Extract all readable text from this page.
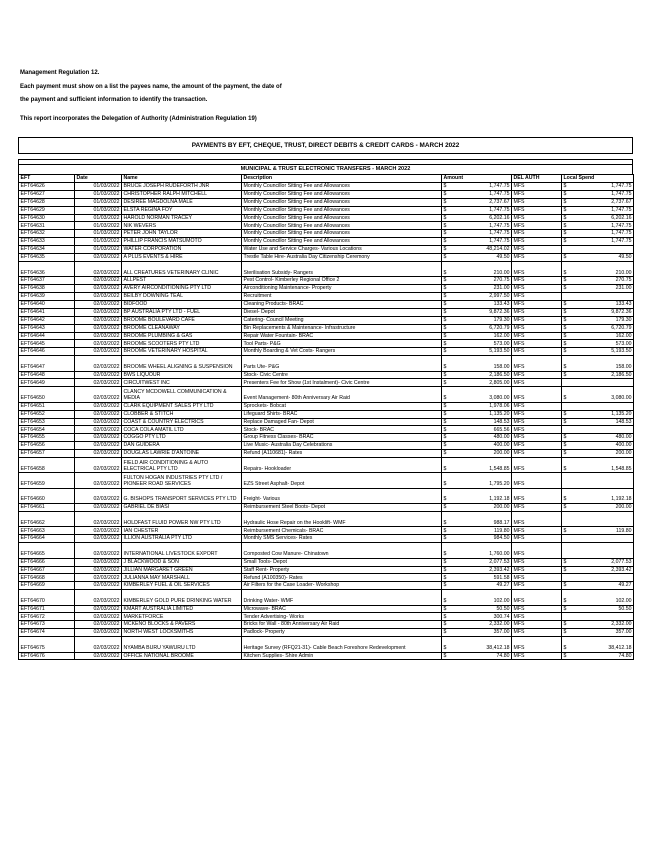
Management Regulation 12.
Each payment must show on a list the payees name, the amount of the payment, the date of
the payment and sufficient information to identify the transaction.
This report incorporates the Delegation of Authority (Administration Regulation 19)
PAYMENTS BY EFT, CHEQUE, TRUST, DIRECT DEBITS & CREDIT CARDS - MARCH 2022
MUNICIPAL & TRUST ELECTRONIC TRANSFERS - MARCH 2022
EFT	Date	Name	Description	Amount		DEL AUTH	Local Spend	
EFT64626	01/03/2022	BRUCE JOSEPH RUDEFORTH JNR	Monthly Councillor Sitting Fee and Allowances	$	1,747.75	MFS	$	1,747.75
EFT64627	01/03/2022	CHRISTOPHER RALPH MITCHELL	Monthly Councillor Sitting Fee and Allowances	$	1,747.75	MFS	$	1,747.75
EFT64628	01/03/2022	DESIREE MAGDOLNA MALE	Monthly Councillor Sitting Fee and Allowances	$	2,737.67	MFS	$	2,737.67
EFT64629	01/03/2022	ELSTA REGINA FOY	Monthly Councillor Sitting Fee and Allowances	$	1,747.75	MFS	$	1,747.75
EFT64630	01/03/2022	HAROLD NORMAN TRACEY	Monthly Councillor Sitting Fee and Allowances	$	6,202.16	MFS	$	6,202.16
EFT64631	01/03/2022	NIK WEVERS	Monthly Councillor Sitting Fee and Allowances	$	1,747.75	MFS	$	1,747.75
EFT64632	01/03/2022	PETER JOHN TAYLOR	Monthly Councillor Sitting Fee and Allowances	$	1,747.75	MFS	$	1,747.75
EFT64633	01/03/2022	PHILLIP FRANCIS MATSUMOTO	Monthly Councillor Sitting Fee and Allowances	$	1,747.75	MFS	$	1,747.75
EFT64634	01/03/2022	WATER CORPORATION	Water Use and Service Charges- Various Locations	$	48,214.02	MFS		
EFT64635	02/03/2022	A PLUS EVENTS & HIRE	Trestle Table Hire- Australia Day Citizenship Ceremony	$	49.50	MFS	$	49.50
EFT64636	02/03/2022	ALL CREATURES VETERINARY CLINIC	Sterilisation Subsidy- Rangers	$	210.00	MFS	$	210.00
EFT64637	02/03/2022	ALLPEST	Pest Control- Kimberley Regional Office 2	$	270.75	MFS	$	270.75
EFT64638	02/03/2022	AVERY AIRCONDITIONING PTY LTD	Airconditioning Maintenance- Property	$	231.00	MFS	$	231.00
EFT64639	02/03/2022	BEILBY DOWNING TEAL	Recruitment	$	2,997.50	MFS		
EFT64640	02/03/2022	BIDFOOD	Cleaning Products- BRAC	$	133.43	MFS	$	133.43
EFT64641	02/03/2022	BP AUSTRALIA PTY LTD - FUEL	Diesel- Depot	$	9,872.36	MFS	$	9,872.36
EFT64642	02/03/2022	BROOME BOULEVARD CAFE	Catering- Council Meeting	$	179.30	MFS	$	179.30
EFT64643	02/03/2022	BROOME CLEANAWAY	Bin Replacements & Maintenance- Infrastructure	$	6,720.79	MFS	$	6,720.79
EFT64644	02/03/2022	BROOME PLUMBING & GAS	Repair Water Fountain- BRAC	$	162.00	MFS	$	162.00
EFT64645	02/03/2022	BROOME SCOOTERS PTY LTD	Tool Parts- P&G	$	573.00	MFS	$	573.00
EFT64646	02/03/2022	BROOME VETERINARY HOSPITAL	Monthly Boarding & Vet Costs- Rangers	$	5,193.50	MFS	$	5,193.50
EFT64647	02/03/2022	BROOME WHEEL ALIGNING & SUSPENSION	Parts Ute- P&G	$	158.00	MFS	$	158.00
EFT64648	02/03/2022	BWS LIQUOUR	Stock- Civic Centre	$	2,186.50	MFS	$	2,186.50
EFT64649	02/03/2022	CIRCUITWEST INC	Presenters Fee for Show (1st Instalment)- Civic Centre	$	2,805.00	MFS		
EFT64650	02/03/2022	CLANCY MCDOWELL COMMUNICATION & MEDIA	Event Management- 80th Anniversary Air Raid	$	3,080.00	MFS	$	3,080.00
EFT64651	02/03/2022	CLARK EQUIPMENT SALES PTY LTD	Sprockets- Bobcat	$	1,978.06	MFS		
EFT64652	02/03/2022	CLOBBER & STITCH	Lifeguard Shirts- BRAC	$	1,135.20	MFS	$	1,135.20
EFT64653	02/03/2022	COAST & COUNTRY ELECTRICS	Replace Damaged Fan- Depot	$	148.53	MFS	$	148.53
EFT64654	02/03/2022	COCA COLA AMATIL LTD	Stock- BRAC	$	665.56	MFS		
EFT64655	02/03/2022	COGGO PTY LTD	Group Fitness Classes- BRAC	$	480.00	MFS	$	480.00
EFT64656	02/03/2022	DAN GUIDERA	Live Music- Australia Day Celebrations	$	400.00	MFS	$	400.00
EFT64657	02/03/2022	DOUGLAS LAWRIE D'ANTOINE	Refund (A110681)- Rates	$	200.00	MFS	$	200.00
EFT64658	02/03/2022	FIELD AIR CONDITIONING & AUTO ELECTRICAL PTY LTD	Repairs- Hookloader	$	1,548.85	MFS	$	1,548.85
EFT64659	02/03/2022	FULTON HOGAN INDUSTRIES PTY LTD / PIONEER ROAD SERVICES	EZS Street Asphalt- Depot	$	1,795.20	MFS		
EFT64660	02/03/2022	G. BISHOPS TRANSPORT SERVICES PTY LTD	Freight- Various	$	1,192.18	MFS	$	1,192.18
EFT64661	02/03/2022	GABRIEL DE BIASI	Reimbursement Steel Boots- Depot	$	200.00	MFS	$	200.00
EFT64662	02/03/2022	HOLDFAST FLUID POWER NW PTY LTD	Hydraulic Hose Repair on the Hooklift- WMF	$	988.17	MFS		
EFT64663	02/03/2022	IAN CHESTER	Reimbursement Chemicals- BRAC	$	119.80	MFS	$	119.80
EFT64664	02/03/2022	ILLION AUSTRALIA PTY LTD	Monthly SMS Services- Rates	$	984.50	MFS		
EFT64665	02/03/2022	INTERNATIONAL LIVESTOCK EXPORT	Composted Cow Manure- Chinatown	$	1,760.00	MFS		
EFT64666	02/03/2022	J BLACKWOOD & SON	Small Tools- Depot	$	2,077.53	MFS	$	2,077.53
EFT64667	02/03/2022	JILLIAN MARGARET GREEN	Staff Rent- Property	$	2,393.42	MFS	$	2,393.42
EFT64668	02/03/2022	JULIANNA MAY MARSHALL	Refund (A100350)- Rates	$	591.58	MFS		
EFT64669	02/03/2022	KIMBERLEY FUEL & OIL SERVICES	Air Filters for the Case Loader- Workshop	$	49.27	MFS	$	49.27
EFT64670	02/03/2022	KIMBERLEY GOLD PURE DRINKING WATER	Drinking Water- WMF	$	102.00	MFS	$	102.00
EFT64671	02/03/2022	KMART AUSTRALIA LIMITED	Microwave- BRAC	$	50.50	MFS	$	50.50
EFT64672	02/03/2022	MARKETFORCE	Tender Advertising- Works	$	300.74	MFS		
EFT64673	02/03/2022	MCKENO BLOCKS & PAVERS	Bricks for Wall - 80th Anniversary Air Raid	$	2,332.00	MFS	$	2,332.00
EFT64674	02/03/2022	NORTH WEST LOCKSMITHS	Padlock- Property	$	357.00	MFS	$	357.00
EFT64675	02/03/2022	NYAMBA BURU YAWURU LTD	Heritage Survey (RFQ21-31)- Cable Beach Foreshore Redevelopment	$	38,412.18	MFS	$	38,412.18
EFT64676	02/03/2022	OFFICE NATIONAL BROOME	Kitchen Supplies- Shire Admin	$	74.80	MFS	$	74.80
